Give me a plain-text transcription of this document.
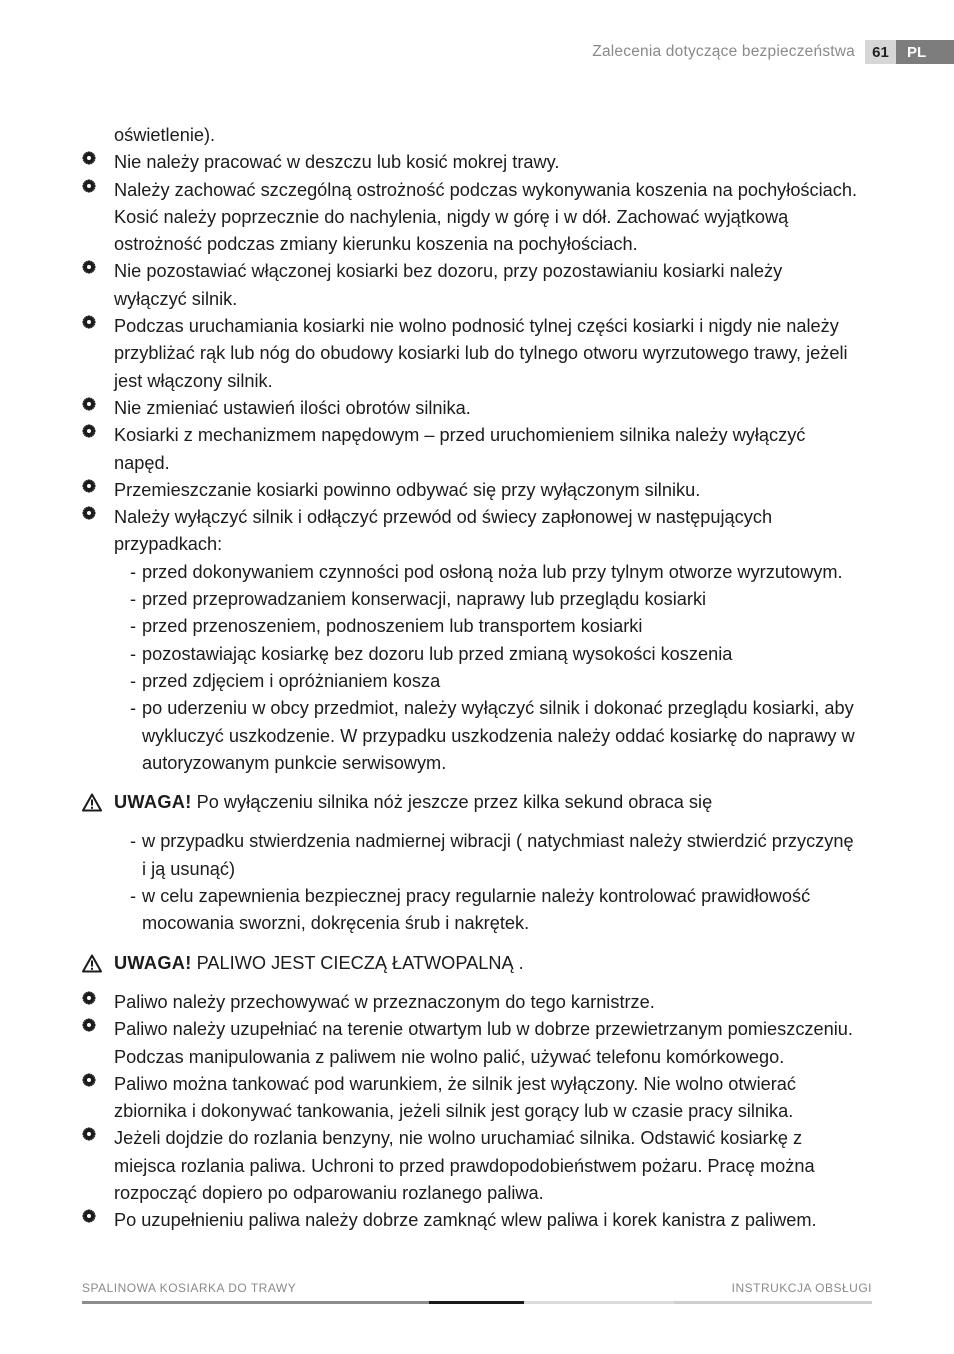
Zalecenia dotyczące bezpieczeństwa	61	PL
oświetlenie).
Nie należy pracować w deszczu lub kosić mokrej trawy.
Należy zachować szczególną ostrożność podczas wykonywania koszenia na pochyłościach.
Kosić należy poprzecznie do nachylenia, nigdy w górę i w dół. Zachować wyjątkową
ostrożność podczas zmiany kierunku koszenia na pochyłościach.
Nie pozostawiać włączonej kosiarki bez dozoru, przy pozostawianiu kosiarki należy
wyłączyć silnik.
Podczas uruchamiania kosiarki nie wolno podnosić tylnej części kosiarki i nigdy nie należy
przybliżać rąk lub nóg do obudowy kosiarki lub do tylnego otworu wyrzutowego trawy, jeżeli
jest włączony silnik.
Nie zmieniać ustawień ilości obrotów silnika.
Kosiarki z mechanizmem napędowym – przed uruchomieniem silnika należy wyłączyć
napęd.
Przemieszczanie kosiarki powinno odbywać się przy wyłączonym silniku.
Należy wyłączyć silnik i odłączyć przewód od świecy zapłonowej w następujących
przypadkach:
- przed dokonywaniem czynności pod osłoną noża lub przy tylnym otworze wyrzutowym.
- przed przeprowadzaniem konserwacji, naprawy lub przeglądu kosiarki
- przed przenoszeniem, podnoszeniem lub transportem kosiarki
- pozostawiając kosiarkę bez dozoru lub przed zmianą wysokości koszenia
- przed zdjęciem i opróżnianiem kosza
- po uderzeniu w obcy przedmiot, należy wyłączyć silnik i dokonać przeglądu kosiarki, aby
wykluczyć uszkodzenie. W przypadku uszkodzenia należy oddać kosiarkę do naprawy w
autoryzowanym punkcie serwisowym.
UWAGA! Po wyłączeniu silnika nóż jeszcze przez kilka sekund obraca się
- w przypadku stwierdzenia nadmiernej wibracji ( natychmiast należy stwierdzić przyczynę
i ją usunąć)
- w celu zapewnienia bezpiecznej pracy regularnie należy kontrolować prawidłowość
mocowania sworzni, dokręcenia śrub i nakrętek.
UWAGA! PALIWO JEST CIECZĄ ŁATWOPALNĄ .
Paliwo należy przechowywać w przeznaczonym do tego karnistrze.
Paliwo należy uzupełniać na terenie otwartym lub w dobrze przewietrzanym pomieszczeniu.
Podczas manipulowania z paliwem nie wolno palić, używać telefonu komórkowego.
Paliwo można tankować pod warunkiem, że silnik jest wyłączony. Nie wolno otwierać
zbiornika i dokonywać tankowania, jeżeli silnik jest gorący lub w czasie pracy silnika.
Jeżeli dojdzie do rozlania benzyny, nie wolno uruchamiać silnika. Odstawić kosiarkę z
miejsca rozlania paliwa. Uchroni to przed prawdopodobieństwem pożaru. Pracę można
rozpocząć dopiero po odparowaniu rozlanego paliwa.
Po uzupełnieniu paliwa należy dobrze zamknąć wlew paliwa i korek kanistra z paliwem.
SPALINOWA KOSIARKA DO TRAWY	INSTRUKCJA OBSŁUGI
